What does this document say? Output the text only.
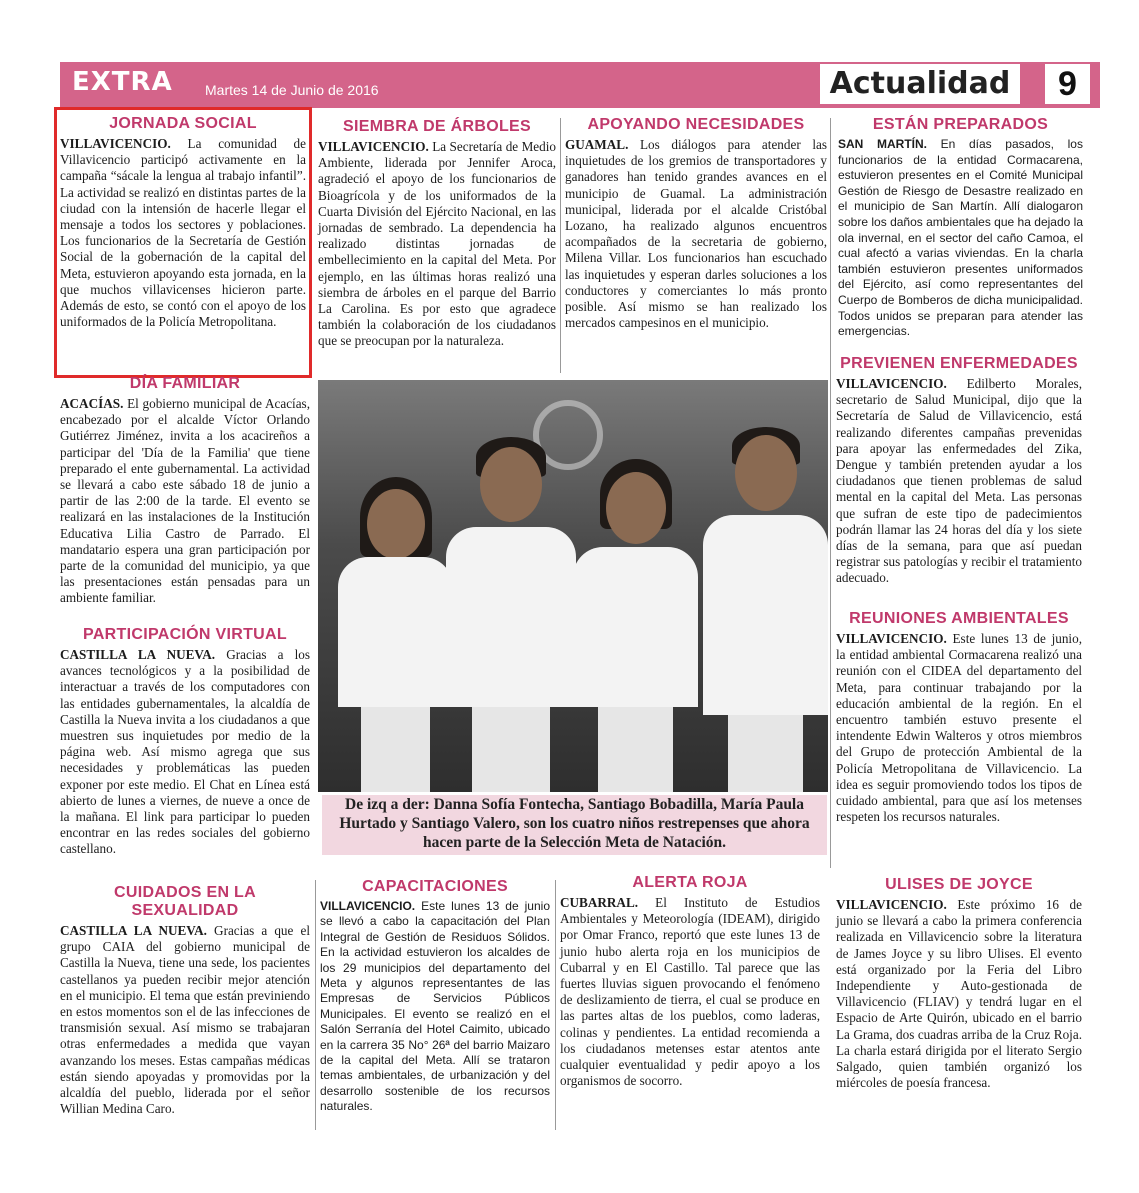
EXTRA Martes 14 de Junio de 2016	Actualidad	9
JORNADA SOCIAL

VILLAVICENCIO. La comunidad de Villavicencio participó activamente en la campaña “sácale la lengua al trabajo infantil”. La actividad se realizó en distintas partes de la ciudad con la intensión de hacerle llegar el mensaje a todos los sectores y poblaciones. Los funcionarios de la Secretaría de Gestión Social de la gobernación de la capital del Meta, estuvieron apoyando esta jornada, en la que muchos villavicenses hicieron parte. Además de esto, se contó con el apoyo de los uniformados de la Policía Metropolitana.

SIEMBRA DE ÁRBOLES

VILLAVICENCIO. La Secretaría de Medio Ambiente, liderada por Jennifer Aroca, agradeció el apoyo de los funcionarios de Bioagrícola y de los uniformados de la Cuarta División del Ejército Nacional, en las jornadas de sembrado. La dependencia ha realizado distintas jornadas de embellecimiento en la capital del Meta. Por ejemplo, en las últimas horas realizó una siembra de árboles en el parque del Barrio La Carolina. Es por esto que agradece también la colaboración de los ciudadanos que se preocupan por la naturaleza.

APOYANDO NECESIDADES

GUAMAL. Los diálogos para atender las inquietudes de los gremios de transportadores y ganadores han tenido grandes avances en el municipio de Guamal. La administración municipal, liderada por el alcalde Cristóbal Lozano, ha realizado algunos encuentros acompañados de la secretaria de gobierno, Milena Villar. Los funcionarios han escuchado las inquietudes y esperan darles soluciones a los conductores y comerciantes lo más pronto posible. Así mismo se han realizado los mercados campesinos en el municipio.

ESTÁN PREPARADOS

SAN MARTÍN. En días pasados, los funcionarios de la entidad Cormacarena, estuvieron presentes en el Comité Municipal Gestión de Riesgo de Desastre realizado en el municipio de San Martín. Allí dialogaron sobre los daños ambientales que ha dejado la ola invernal, en el sector del caño Camoa, el cual afectó a varias viviendas. En la charla también estuvieron presentes uniformados del Ejército, así como representantes del Cuerpo de Bomberos de dicha municipalidad. Todos unidos se preparan para atender las emergencias.

DÍA FAMILIAR

ACACÍAS. El gobierno municipal de Acacías, encabezado por el alcalde Víctor Orlando Gutiérrez Jiménez, invita a los acacireños a participar del 'Día de la Familia' que tiene preparado el ente gubernamental. La actividad se llevará a cabo este sábado 18 de junio a partir de las 2:00 de la tarde. El evento se realizará en las instalaciones de la Institución Educativa Lilia Castro de Parrado. El mandatario espera una gran participación por parte de la comunidad del municipio, ya que las presentaciones están pensadas para un ambiente familiar.

PARTICIPACIÓN VIRTUAL

CASTILLA LA NUEVA. Gracias a los avances tecnológicos y a la posibilidad de interactuar a través de los computadores con las entidades gubernamentales, la alcaldía de Castilla la Nueva invita a los ciudadanos a que muestren sus inquietudes por medio de la página web. Así mismo agrega que sus necesidades y problemáticas las pueden exponer por este medio. El Chat en Línea está abierto de lunes a viernes, de nueve a once de la mañana. El link para participar lo pueden encontrar en las redes sociales del gobierno castellano.

De izq a der: Danna Sofía Fontecha, Santiago Bobadilla, María Paula Hurtado y Santiago Valero, son los cuatro niños restrepenses que ahora hacen parte de la Selección Meta de Natación.
PREVIENEN ENFERMEDADES

VILLAVICENCIO. Edilberto Morales, secretario de Salud Municipal, dijo que la Secretaría de Salud de Villavicencio, está realizando diferentes campañas prevenidas para apoyar las enfermedades del Zika, Dengue y también pretenden ayudar a los ciudadanos que tienen problemas de salud mental en la capital del Meta. Las personas que sufran de este tipo de padecimientos podrán llamar las 24 horas del día y los siete días de la semana, para que así puedan registrar sus patologías y recibir el tratamiento adecuado.

REUNIONES AMBIENTALES

VILLAVICENCIO. Este lunes 13 de junio, la entidad ambiental Cormacarena realizó una reunión con el CIDEA del departamento del Meta, para continuar trabajando por la educación ambiental de la región. En el encuentro también estuvo presente el intendente Edwin Walteros y otros miembros del Grupo de protección Ambiental de la Policía Metropolitana de Villavicencio. La idea es seguir promoviendo todos los tipos de cuidado ambiental, para que así los metenses respeten los recursos naturales.

CUIDADOS EN LA SEXUALIDAD

CASTILLA LA NUEVA. Gracias a que el grupo CAIA del gobierno municipal de Castilla la Nueva, tiene una sede, los pacientes castellanos ya pueden recibir mejor atención en el municipio. El tema que están previniendo en estos momentos son el de las infecciones de transmisión sexual. Así mismo se trabajaran otras enfermedades a medida que vayan avanzando los meses. Estas campañas médicas están siendo apoyadas y promovidas por la alcaldía del pueblo, liderada por el señor Willian Medina Caro.

CAPACITACIONES

VILLAVICENCIO. Este lunes 13 de junio se llevó a cabo la capacitación del Plan Integral de Gestión de Residuos Sólidos. En la actividad estuvieron los alcaldes de los 29 municipios del departamento del Meta y algunos representantes de las Empresas de Servicios Públicos Municipales. El evento se realizó en el Salón Serranía del Hotel Caimito, ubicado en la carrera 35 No° 26ª del barrio Maizaro de la capital del Meta. Allí se trataron temas ambientales, de urbanización y del desarrollo sostenible de los recursos naturales.

ALERTA ROJA

CUBARRAL. El Instituto de Estudios Ambientales y Meteorología (IDEAM), dirigido por Omar Franco, reportó que este lunes 13 de junio hubo alerta roja en los municipios de Cubarral y en El Castillo. Tal parece que las fuertes lluvias siguen provocando el fenómeno de deslizamiento de tierra, el cual se produce en las partes altas de los pueblos, como laderas, colinas y pendientes. La entidad recomienda a los ciudadanos metenses estar atentos ante cualquier eventualidad y pedir apoyo a los organismos de socorro.

ULISES DE JOYCE

VILLAVICENCIO. Este próximo 16 de junio se llevará a cabo la primera conferencia realizada en Villavicencio sobre la literatura de James Joyce y su libro Ulises. El evento está organizado por la Feria del Libro Independiente y Auto-gestionada de Villavicencio (FLIAV) y tendrá lugar en el Espacio de Arte Quirón, ubicado en el barrio La Grama, dos cuadras arriba de la Cruz Roja. La charla estará dirigida por el literato Sergio Salgado, quien también organizó los miércoles de poesía francesa.
